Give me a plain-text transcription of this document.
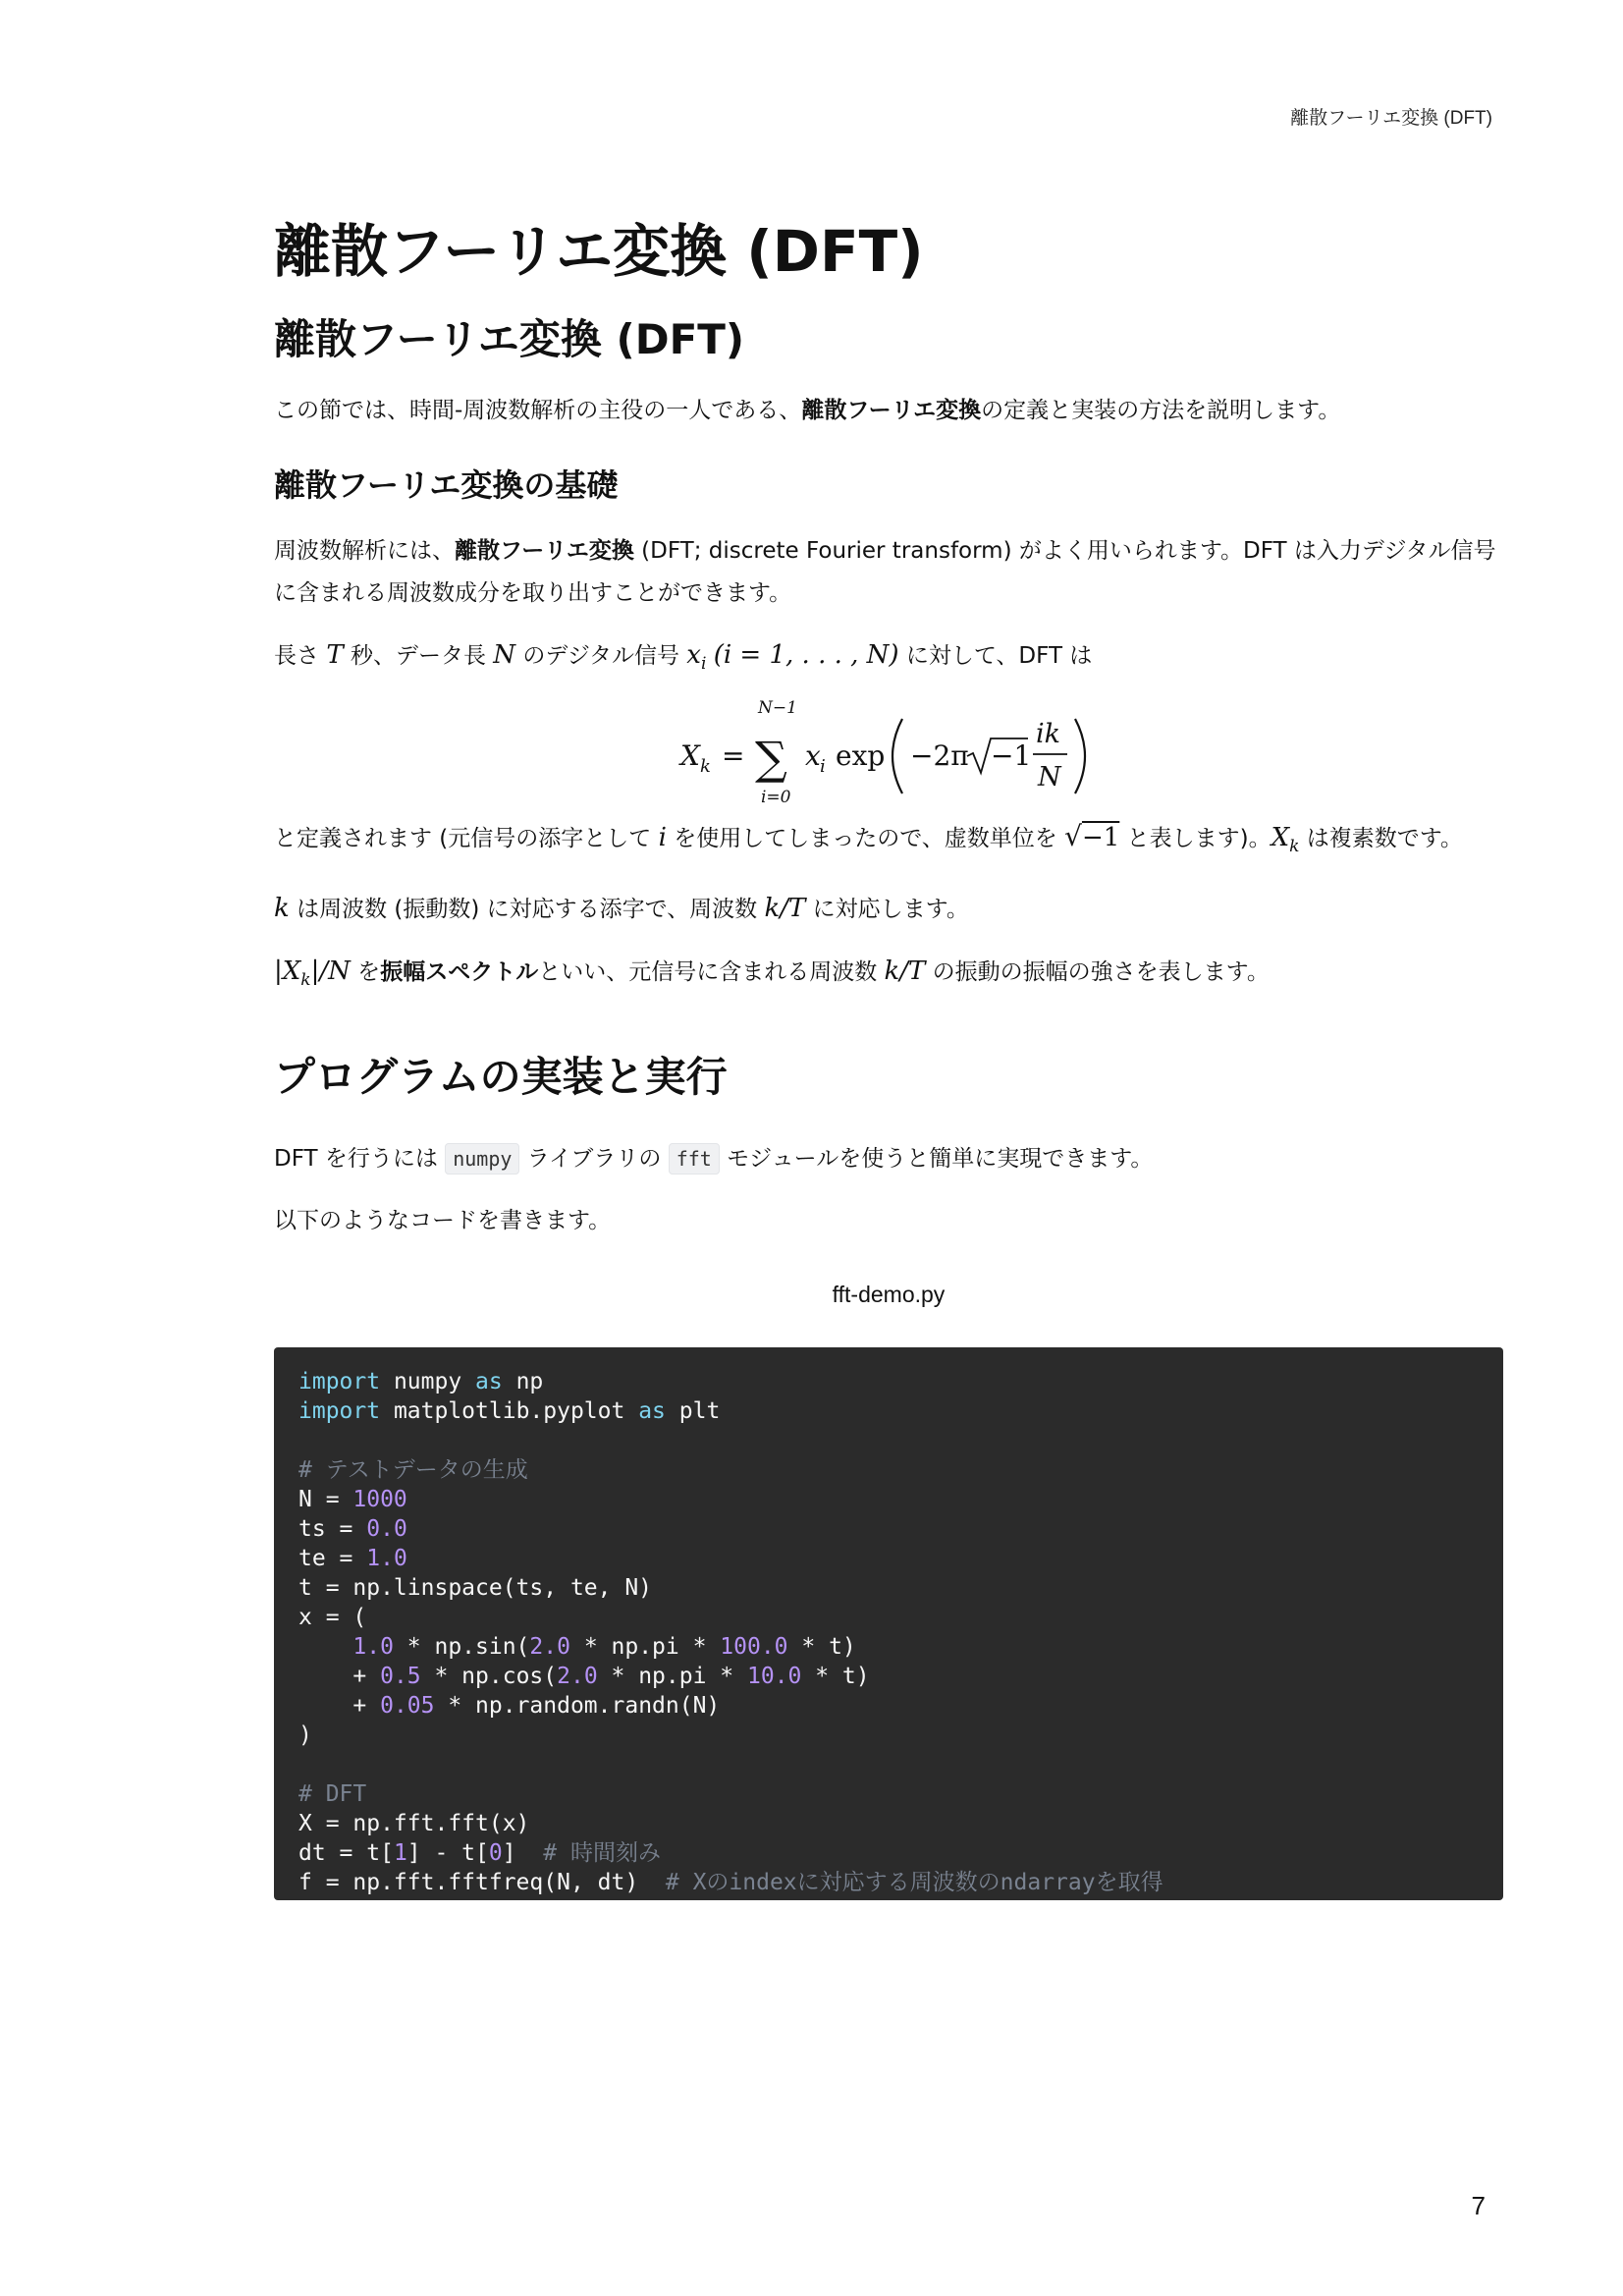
離散フーリエ変換 (DFT)
離散フーリエ変換 (DFT)
離散フーリエ変換 (DFT)

この節では、時間-周波数解析の主役の一人である、離散フーリエ変換の定義と実装の方法を説明します。

離散フーリエ変換の基礎

周波数解析には、離散フーリエ変換 (DFT; discrete Fourier transform) がよく用いられます。DFT は入力デジタル信号に含まれる周波数成分を取り出すことができます。

長さ T 秒、データ長 N のデジタル信号 $x_i$ (i = 1, . . . , N) に対して、DFT は

X k =
N−1
∑
i=0
x i exp −2π −1
ik
N

と定義されます (元信号の添字として i を使用してしまったので、虚数単位を √−1 と表します)。$X_k$ は複素数です。

k は周波数 (振動数) に対応する添字で、周波数 k/T に対応します。

$|X_k|/N$ を振幅スペクトルといい、元信号に含まれる周波数 k/T の振動の振幅の強さを表します。

プログラムの実装と実行

DFT を行うには numpy ライブラリの fft モジュールを使うと簡単に実現できます。

以下のようなコードを書きます。

fft-demo.py
import numpy as np
import matplotlib.pyplot as plt
# テストデータの生成
N = 1000
ts = 0.0
te = 1.0
t = np.linspace(ts, te, N)
x = (
1.0 * np.sin(2.0 * np.pi * 100.0 * t)
+ 0.5 * np.cos(2.0 * np.pi * 10.0 * t)
+ 0.05 * np.random.randn(N)
)
# DFT
X = np.fft.fft(x)
dt = t[1] - t[0]  # 時間刻み
f = np.fft.fftfreq(N, dt)  # Xのindexに対応する周波数のndarrayを取得
7
